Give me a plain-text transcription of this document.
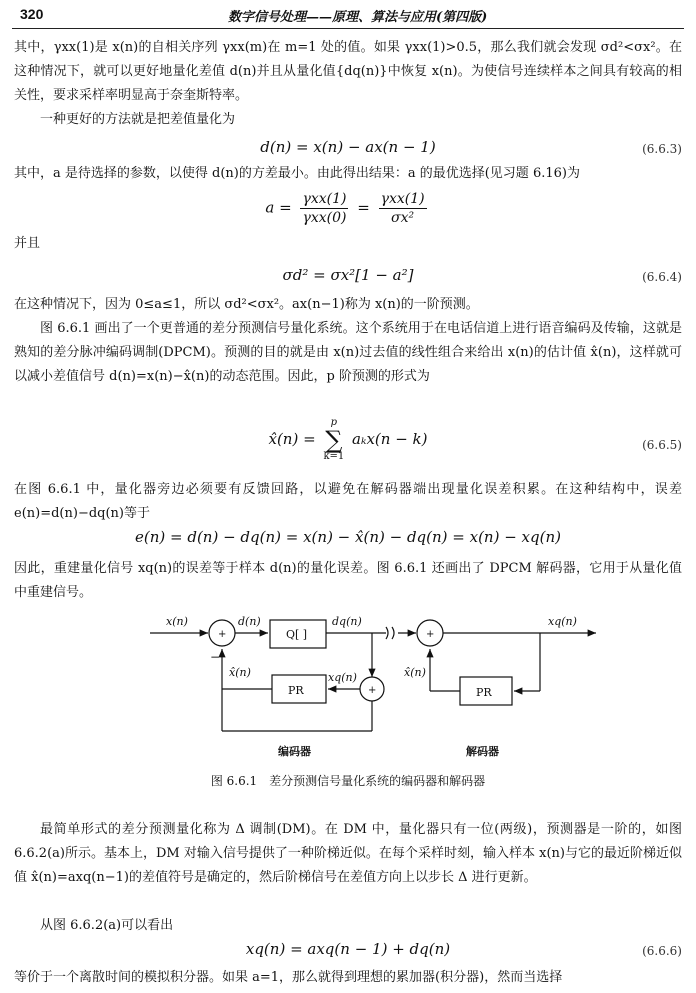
320	数字信号处理——原理、算法与应用(第四版)

其中，γxx(1)是 x(n)的自相关序列 γxx(m)在 m=1 处的值。如果 γxx(1)>0.5，那么我们就会发现 σd²<σx²。在这种情况下，就可以更好地量化差值 d(n)并且从量化值{dq(n)}中恢复 x(n)。为使信号连续样本之间具有较高的相关性，要求采样率明显高于奈奎斯特率。

一种更好的方法就是把差值量化为

d(n) = x(n) − ax(n − 1)	(6.6.3)

其中，a 是待选择的参数，以使得 d(n)的方差最小。由此得出结果：a 的最优选择(见习题 6.16)为

$a = \frac{\text{γxx(1)}}{\text{γxx(0)}} = \frac{\text{γxx(1)}}{\text{σx²}}$

并且

σd² = σx²[1 − a²]	(6.6.4)

在这种情况下，因为 0≤a≤1，所以 σd²<σx²。ax(n−1)称为 x(n)的一阶预测。

图 6.6.1 画出了一个更普通的差分预测信号量化系统。这个系统用于在电话信道上进行语音编码及传输，这就是熟知的差分脉冲编码调制(DPCM)。预测的目的就是由 x(n)过去值的线性组合来给出 x(n)的估计值 x̂(n)，这样就可以减小差值信号 d(n)=x(n)−x̂(n)的动态范围。因此，p 阶预测的形式为

x̂(n) =
p
∑
k=1
aₖx(n − k)	(6.6.5)

在图 6.6.1 中，量化器旁边必须要有反馈回路，以避免在解码器端出现量化误差积累。在这种结构中，误差 e(n)=d(n)−dq(n)等于

e(n) = d(n) − dq(n) = x(n) − x̂(n) − dq(n) = x(n) − xq(n)

因此，重建量化信号 xq(n)的误差等于样本 d(n)的量化误差。图 6.6.1 还画出了 DPCM 解码器，它用于从量化值中重建信号。

x(n)	d(n)
Q[ ]
dq(n)
x̂(n)
PR
xq(n)
+
−
+
x̂(n)
PR
xq(n)
+
编码器	解码器

图 6.6.1　差分预测信号量化系统的编码器和解码器

最简单形式的差分预测量化称为 Δ 调制(DM)。在 DM 中，量化器只有一位(两级)，预测器是一阶的，如图 6.6.2(a)所示。基本上，DM 对输入信号提供了一种阶梯近似。在每个采样时刻，输入样本 x(n)与它的最近阶梯近似值 x̂(n)=axq(n−1)的差值符号是确定的，然后阶梯信号在差值方向上以步长 Δ 进行更新。

从图 6.6.2(a)可以看出

xq(n) = axq(n − 1) + dq(n)	(6.6.6)

等价于一个离散时间的模拟积分器。如果 a=1，那么就得到理想的累加器(积分器)，然而当选择
